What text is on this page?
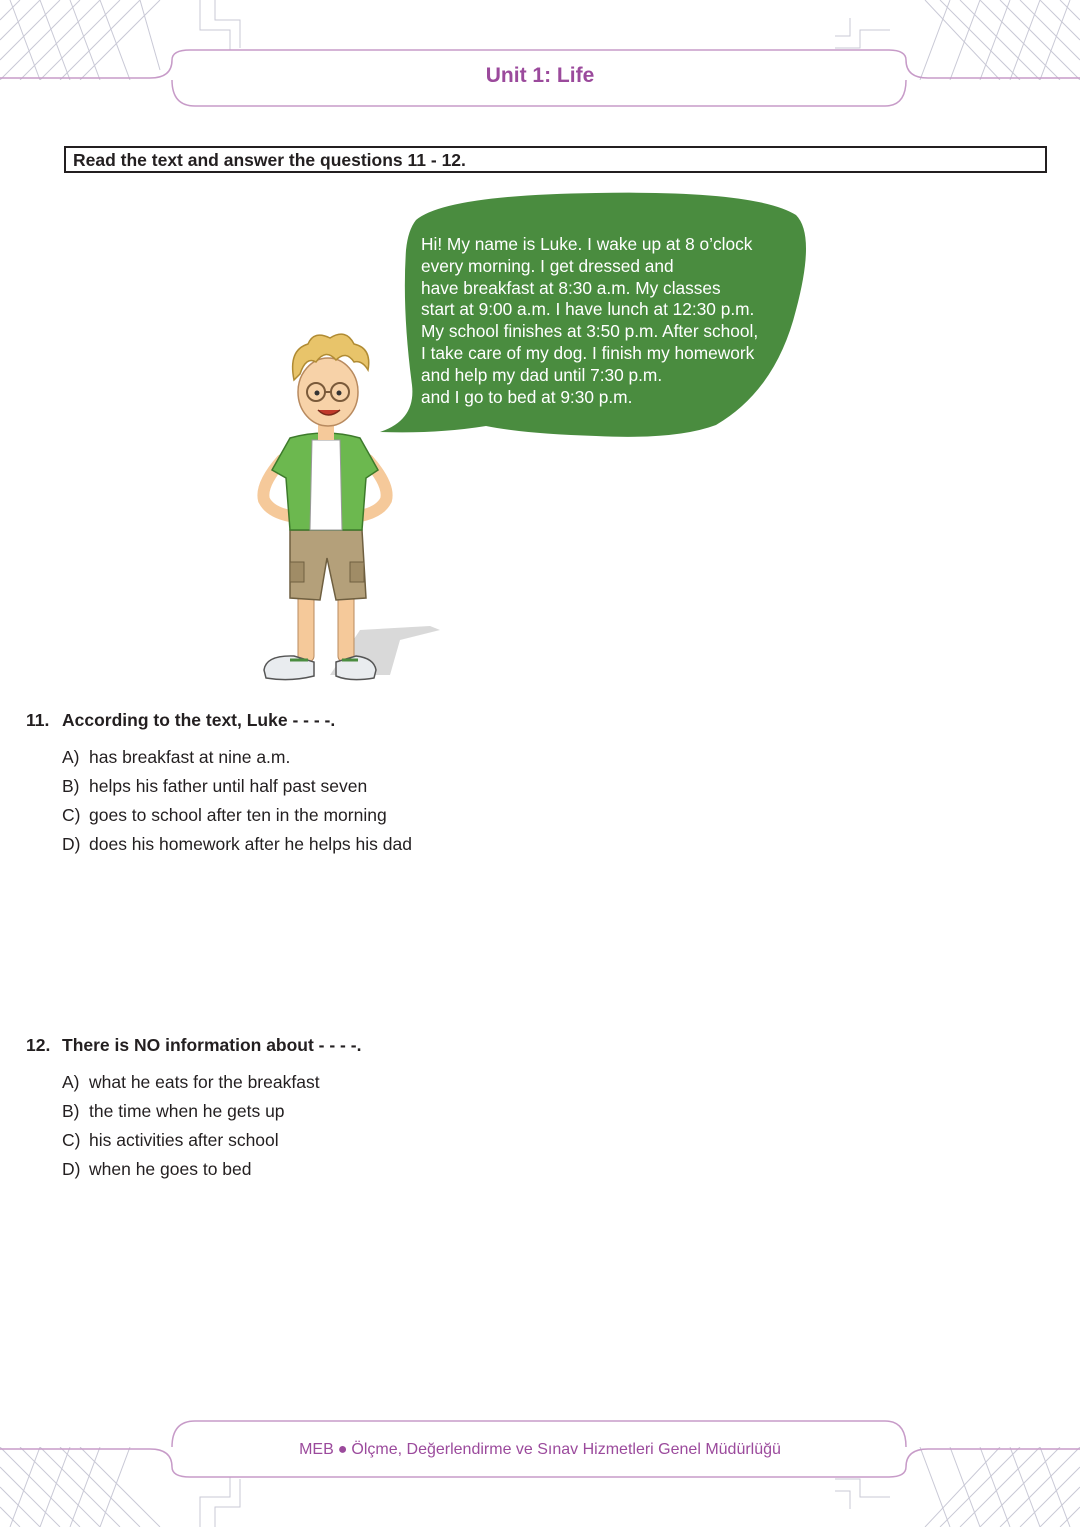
Unit 1: Life
Read the text and answer the questions 11 - 12.
Hi! My name is Luke. I wake up at 8 o’clock
every morning. I get dressed and
have breakfast at 8:30 a.m. My classes
start at 9:00 a.m. I have lunch at 12:30 p.m.
My school finishes at 3:50 p.m. After school,
I take care of my dog. I finish my homework
and help my dad until 7:30 p.m.
and I go to bed at 9:30 p.m.
11. According to the text, Luke - - - -.
A) has breakfast at nine a.m.
B) helps his father until half past seven
C) goes to school after ten in the morning
D) does his homework after he helps his dad
12. There is NO information about - - - -.
A) what he eats for the breakfast
B) the time when he gets up
C) his activities after school
D) when he goes to bed
MEB ● Ölçme, Değerlendirme ve Sınav Hizmetleri Genel Müdürlüğü
